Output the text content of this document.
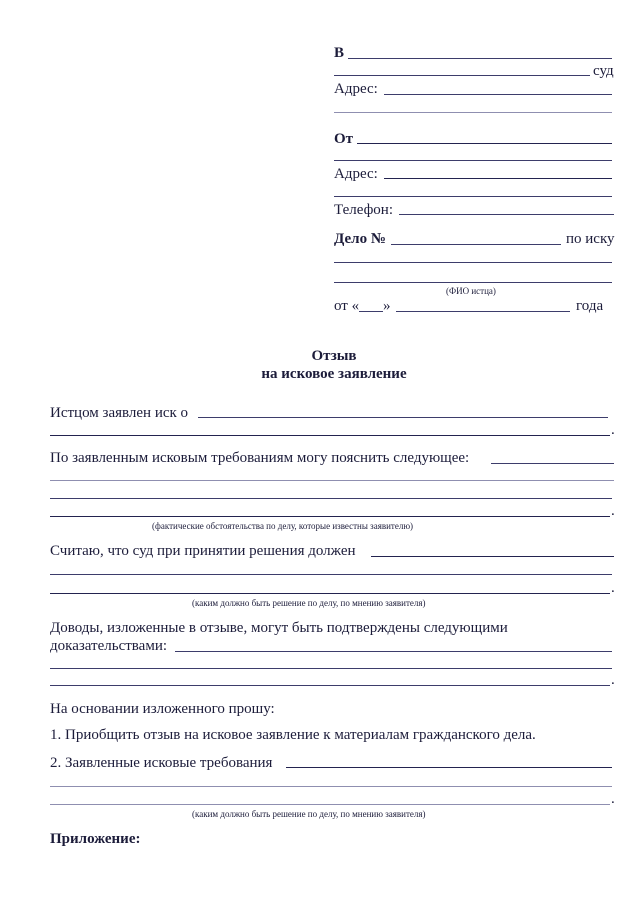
В
суд
Адрес:
От
Адрес:
Телефон:
Дело №	по иску
(ФИО истца)
от « »	года
Отзыв
на исковое заявление
Истцом заявлен иск о
.
По заявленным исковым требованиям могу пояснить следующее:
.
(фактические обстоятельства по делу, которые известны заявителю)
Считаю, что суд при принятии решения должен
.
(каким должно быть решение по делу, по мнению заявителя)
Доводы, изложенные в отзыве, могут быть подтверждены следующими
доказательствами:
.
На основании изложенного прошу:
1. Приобщить отзыв на исковое заявление к материалам гражданского дела.
2. Заявленные исковые требования
.
(каким должно быть решение по делу, по мнению заявителя)
Приложение:
